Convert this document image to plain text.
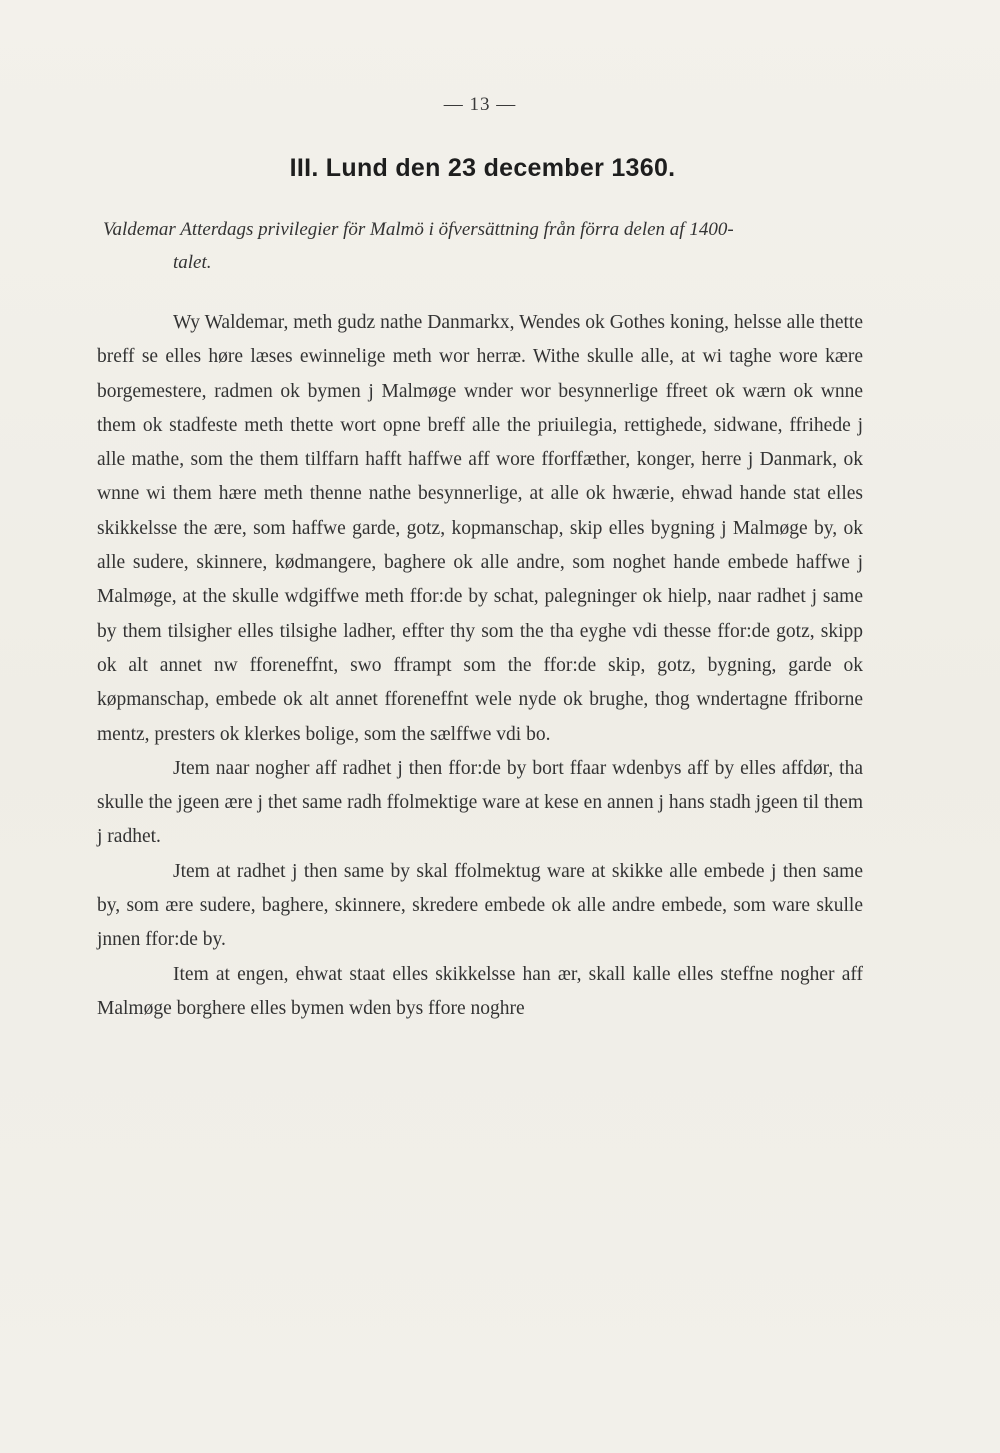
— 13 —
III. Lund den 23 december 1360.
Valdemar Atterdags privilegier för Malmö i öfversättning från förra delen af 1400-
talet.

Wy Waldemar, meth gudz nathe Danmarkx, Wendes ok Gothes koning, helsse alle thette breff se elles høre læses ewinnelige meth wor herræ. Withe skulle alle, at wi taghe wore kære borgemestere, radmen ok bymen j Malmøge wnder wor besynnerlige ffreet ok wærn ok wnne them ok stadfeste meth thette wort opne breff alle the priuilegia, rettighede, sidwane, ffrihede j alle mathe, som the them tilffarn hafft haffwe aff wore fforffæther, konger, herre j Danmark, ok wnne wi them hære meth thenne nathe besynnerlige, at alle ok hwærie, ehwad hande stat elles skikkelsse the ære, som haffwe garde, gotz, kopmanschap, skip elles bygning j Malmøge by, ok alle sudere, skinnere, kødmangere, baghere ok alle andre, som noghet hande embede haffwe j Malmøge, at the skulle wdgiffwe meth ffor:de by schat, palegninger ok hielp, naar radhet j same by them tilsigher elles tilsighe ladher, effter thy som the tha eyghe vdi thesse ffor:de gotz, skipp ok alt annet nw fforeneffnt, swo fframpt som the ffor:de skip, gotz, bygning, garde ok køpmanschap, embede ok alt annet fforeneffnt wele nyde ok brughe, thog wndertagne ffriborne mentz, presters ok klerkes bolige, som the sælffwe vdi bo.

Jtem naar nogher aff radhet j then ffor:de by bort ffaar wdenbys aff by elles affdør, tha skulle the jgeen ære j thet same radh ffolmektige ware at kese en annen j hans stadh jgeen til them j radhet.

Jtem at radhet j then same by skal ffolmektug ware at skikke alle embede j then same by, som ære sudere, baghere, skinnere, skredere embede ok alle andre embede, som ware skulle jnnen ffor:de by.

Item at engen, ehwat staat elles skikkelsse han ær, skall kalle elles steffne nogher aff Malmøge borghere elles bymen wden bys ffore noghre
